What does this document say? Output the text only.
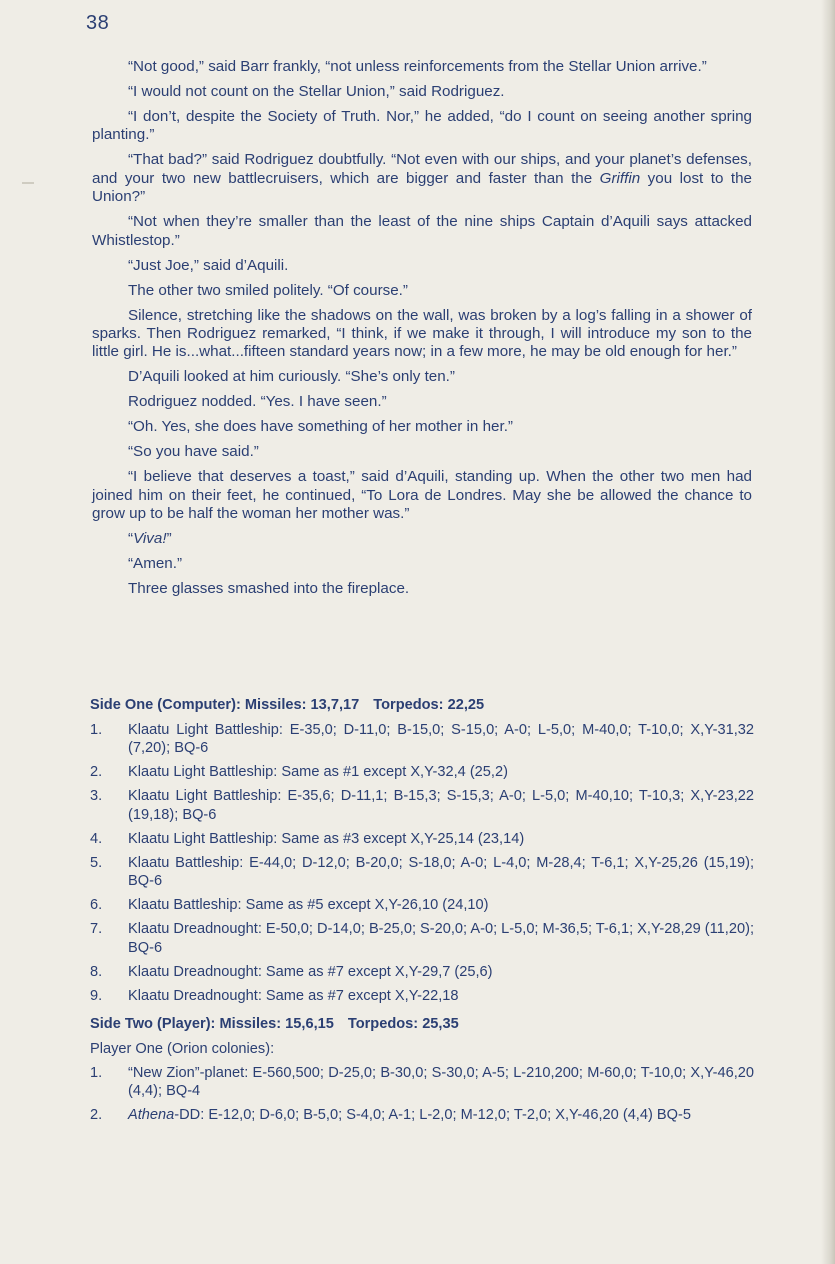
38

“Not good,” said Barr frankly, “not unless reinforcements from the Stellar Union arrive.”

“I would not count on the Stellar Union,” said Rodriguez.

“I don’t, despite the Society of Truth. Nor,” he added, “do I count on seeing another spring planting.”

“That bad?” said Rodriguez doubtfully. “Not even with our ships, and your planet’s defenses, and your two new battlecruisers, which are bigger and faster than the Griffin you lost to the Union?”

“Not when they’re smaller than the least of the nine ships Captain d’Aquili says attacked Whistlestop.”

“Just Joe,” said d’Aquili.

The other two smiled politely. “Of course.”

Silence, stretching like the shadows on the wall, was broken by a log’s falling in a shower of sparks. Then Rodriguez remarked, “I think, if we make it through, I will introduce my son to the little girl. He is...what...fifteen standard years now; in a few more, he may be old enough for her.”

D’Aquili looked at him curiously. “She’s only ten.”

Rodriguez nodded. “Yes. I have seen.”

“Oh. Yes, she does have something of her mother in her.”

“So you have said.”

“I believe that deserves a toast,” said d’Aquili, standing up. When the other two men had joined him on their feet, he continued, “To Lora de Londres. May she be allowed the chance to grow up to be half the woman her mother was.”

“Viva!”

“Amen.”

Three glasses smashed into the fireplace.

Side One (Computer): Missiles: 13,7,17 Torpedos: 22,25
1. Klaatu Light Battleship: E-35,0; D-11,0; B-15,0; S-15,0; A-0; L-5,0; M-40,0; T-10,0; X,Y-31,32 (7,20); BQ-6
2. Klaatu Light Battleship: Same as #1 except X,Y-32,4 (25,2)
3. Klaatu Light Battleship: E-35,6; D-11,1; B-15,3; S-15,3; A-0; L-5,0; M-40,10; T-10,3; X,Y-23,22 (19,18); BQ-6
4. Klaatu Light Battleship: Same as #3 except X,Y-25,14 (23,14)
5. Klaatu Battleship: E-44,0; D-12,0; B-20,0; S-18,0; A-0; L-4,0; M-28,4; T-6,1; X,Y-25,26 (15,19); BQ-6
6. Klaatu Battleship: Same as #5 except X,Y-26,10 (24,10)
7. Klaatu Dreadnought: E-50,0; D-14,0; B-25,0; S-20,0; A-0; L-5,0; M-36,5; T-6,1; X,Y-28,29 (11,20); BQ-6
8. Klaatu Dreadnought: Same as #7 except X,Y-29,7 (25,6)
9. Klaatu Dreadnought: Same as #7 except X,Y-22,18
Side Two (Player): Missiles: 15,6,15 Torpedos: 25,35
Player One (Orion colonies):
1. “New Zion”-planet: E-560,500; D-25,0; B-30,0; S-30,0; A-5; L-210,200; M-60,0; T-10,0; X,Y-46,20 (4,4); BQ-4
2. Athena-DD: E-12,0; D-6,0; B-5,0; S-4,0; A-1; L-2,0; M-12,0; T-2,0; X,Y-46,20 (4,4) BQ-5
